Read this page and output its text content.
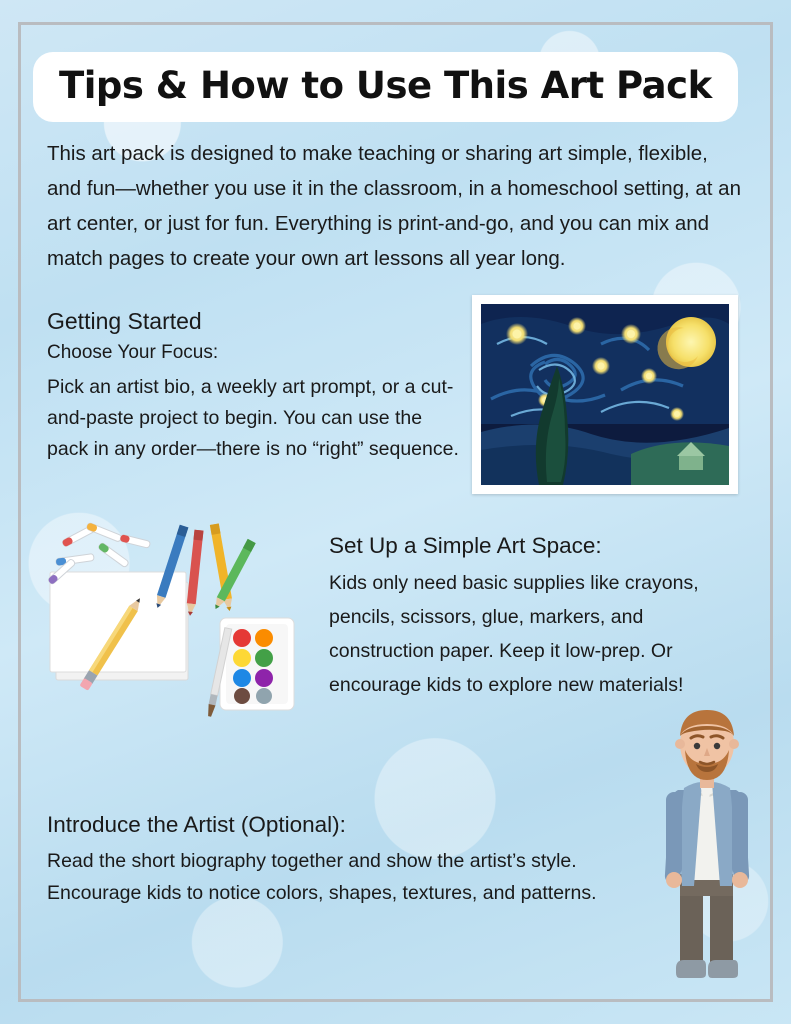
Tips & How to Use This Art Pack
This art pack is designed to make teaching or sharing art simple, flexible, and fun—whether you use it in the classroom, in a homeschool setting, at an art center, or just for fun. Everything is print-and-go, and you can mix and match pages to create your own art lessons all year long.
Getting Started
Choose Your Focus:
Pick an artist bio, a weekly art prompt, or a cut-and-paste project to begin. You can use the pack in any order—there is no “right” sequence.
Set Up a Simple Art Space:
Kids only need basic supplies like crayons, pencils, scissors, glue, markers, and construction paper. Keep it low-prep. Or encourage kids to explore new materials!
Introduce the Artist (Optional):
Read the short biography together and show the artist’s style. Encourage kids to notice colors, shapes, textures, and patterns.
